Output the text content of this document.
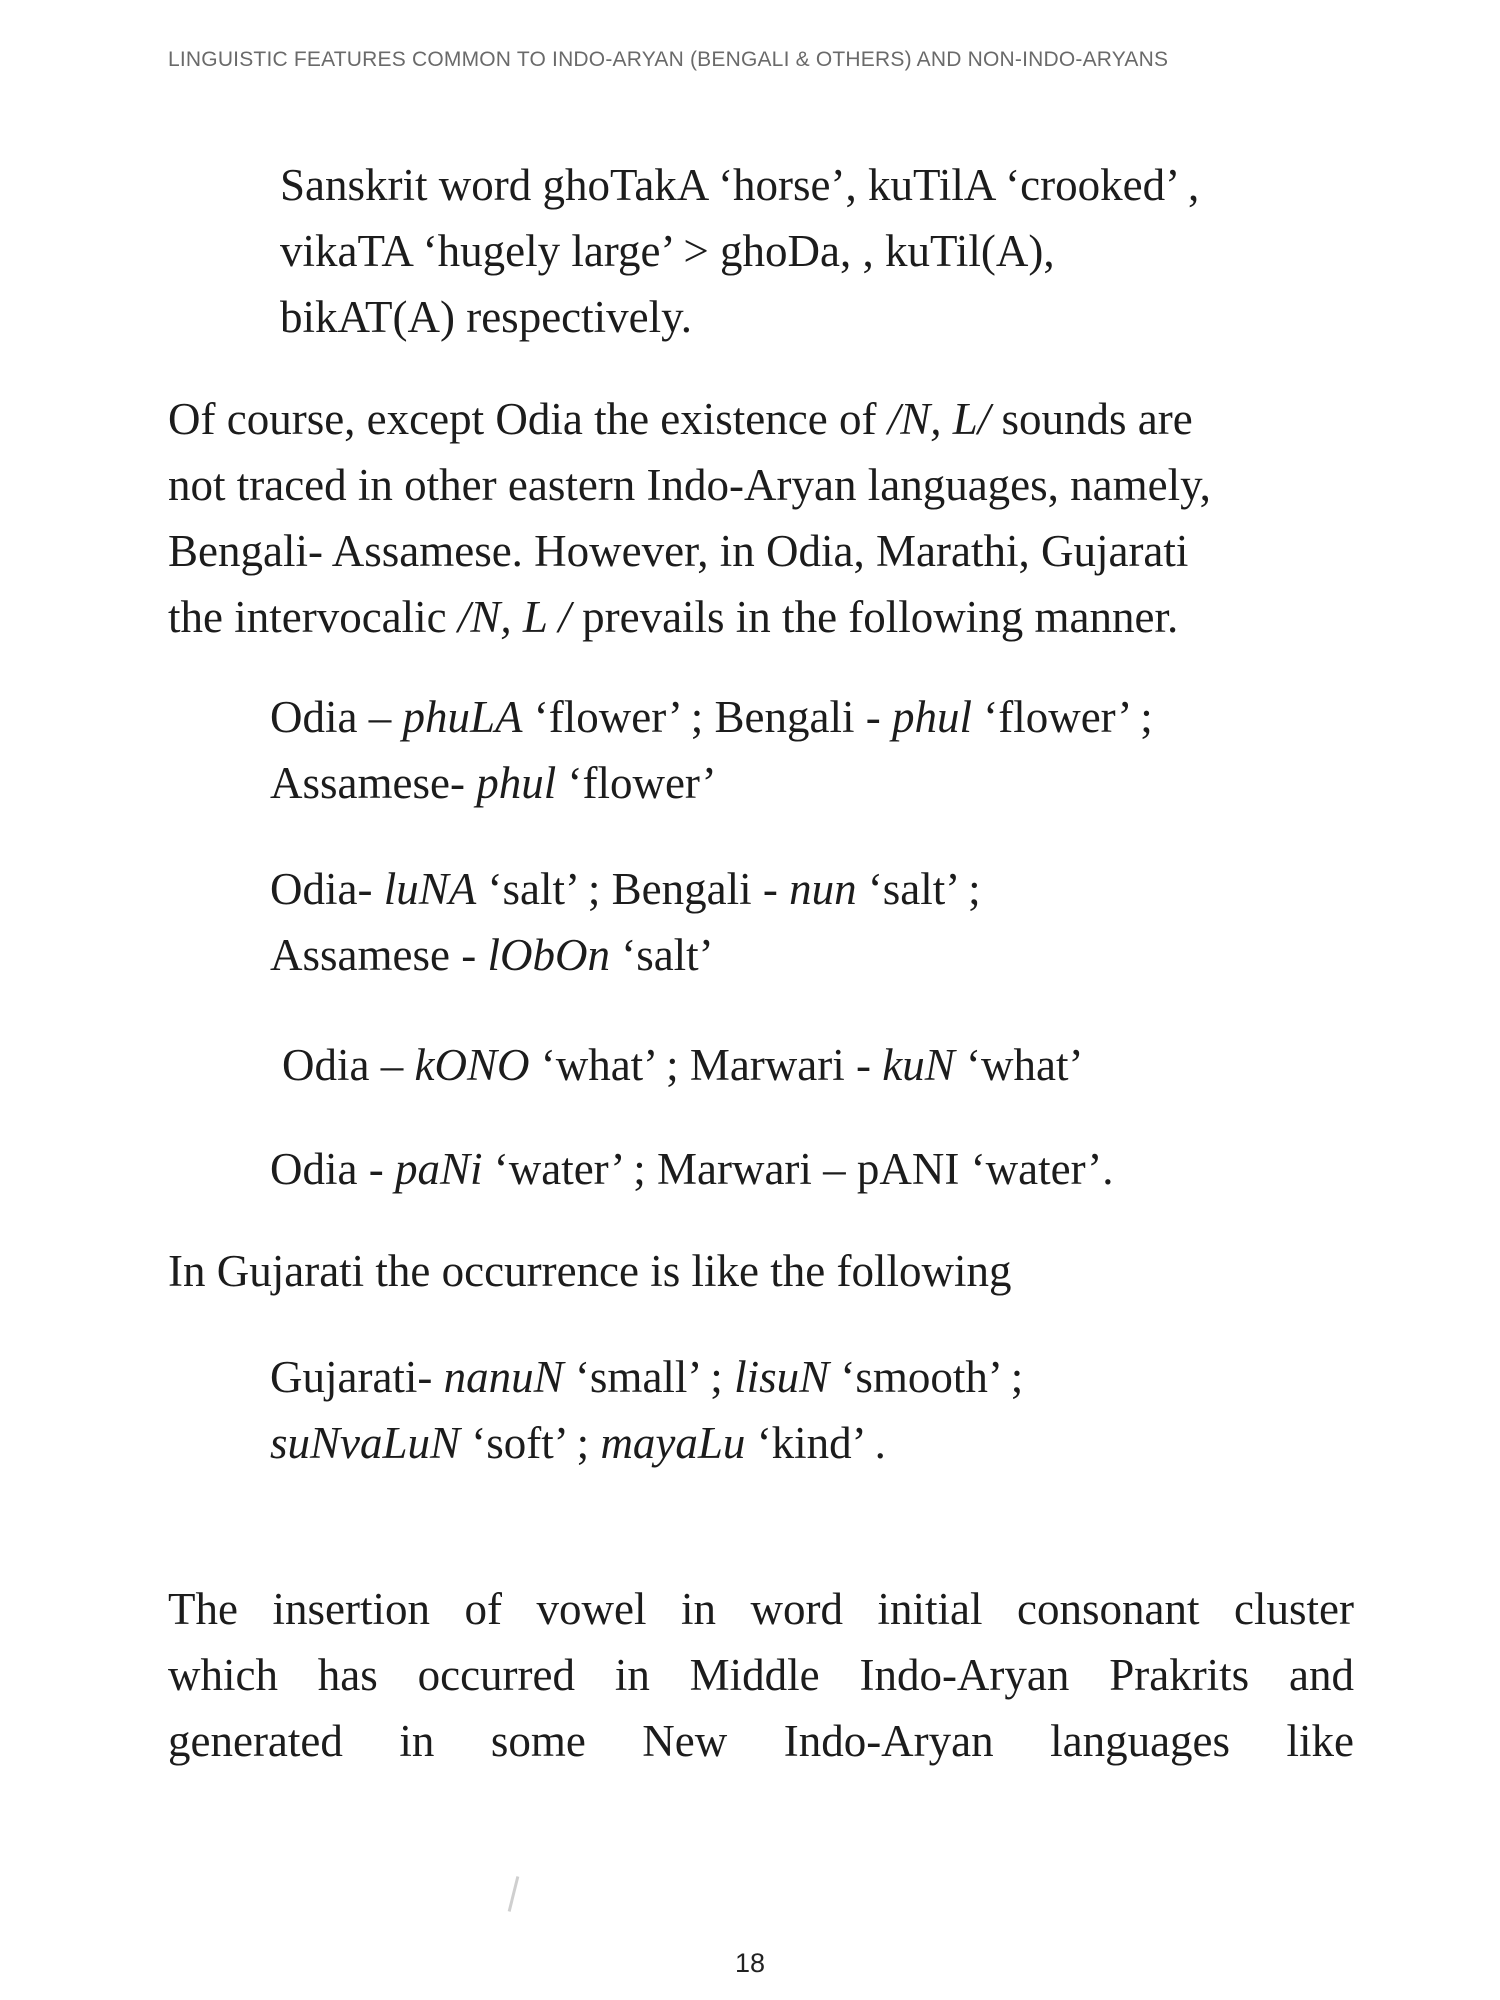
LINGUISTIC FEATURES COMMON TO INDO-ARYAN (BENGALI & OTHERS) AND NON-INDO-ARYANS
Sanskrit word ghoTakA ‘horse’, kuTilA ‘crooked’ ,
vikaTA ‘hugely large’ > ghoDa, , kuTil(A),
bikAT(A) respectively.
Of course, except Odia the existence of /N, L/ sounds are
not traced in other eastern Indo-Aryan languages, namely,
Bengali- Assamese. However, in Odia, Marathi, Gujarati
the intervocalic /N, L / prevails in the following manner.
Odia – phuLA ‘flower’ ; Bengali - phul ‘flower’ ;
Assamese- phul ‘flower’
Odia- luNA ‘salt’ ; Bengali - nun ‘salt’ ;
Assamese - lObOn ‘salt’
Odia – kONO ‘what’ ; Marwari - kuN ‘what’
Odia - paNi ‘water’ ; Marwari – pANI ‘water’.
In Gujarati the occurrence is like the following
Gujarati- nanuN ‘small’ ; lisuN ‘smooth’ ;
suNvaLuN ‘soft’ ; mayaLu ‘kind’ .
The insertion of vowel in word initial consonant cluster
which has occurred in Middle Indo-Aryan Prakrits and
generated in some New Indo-Aryan languages like
18
